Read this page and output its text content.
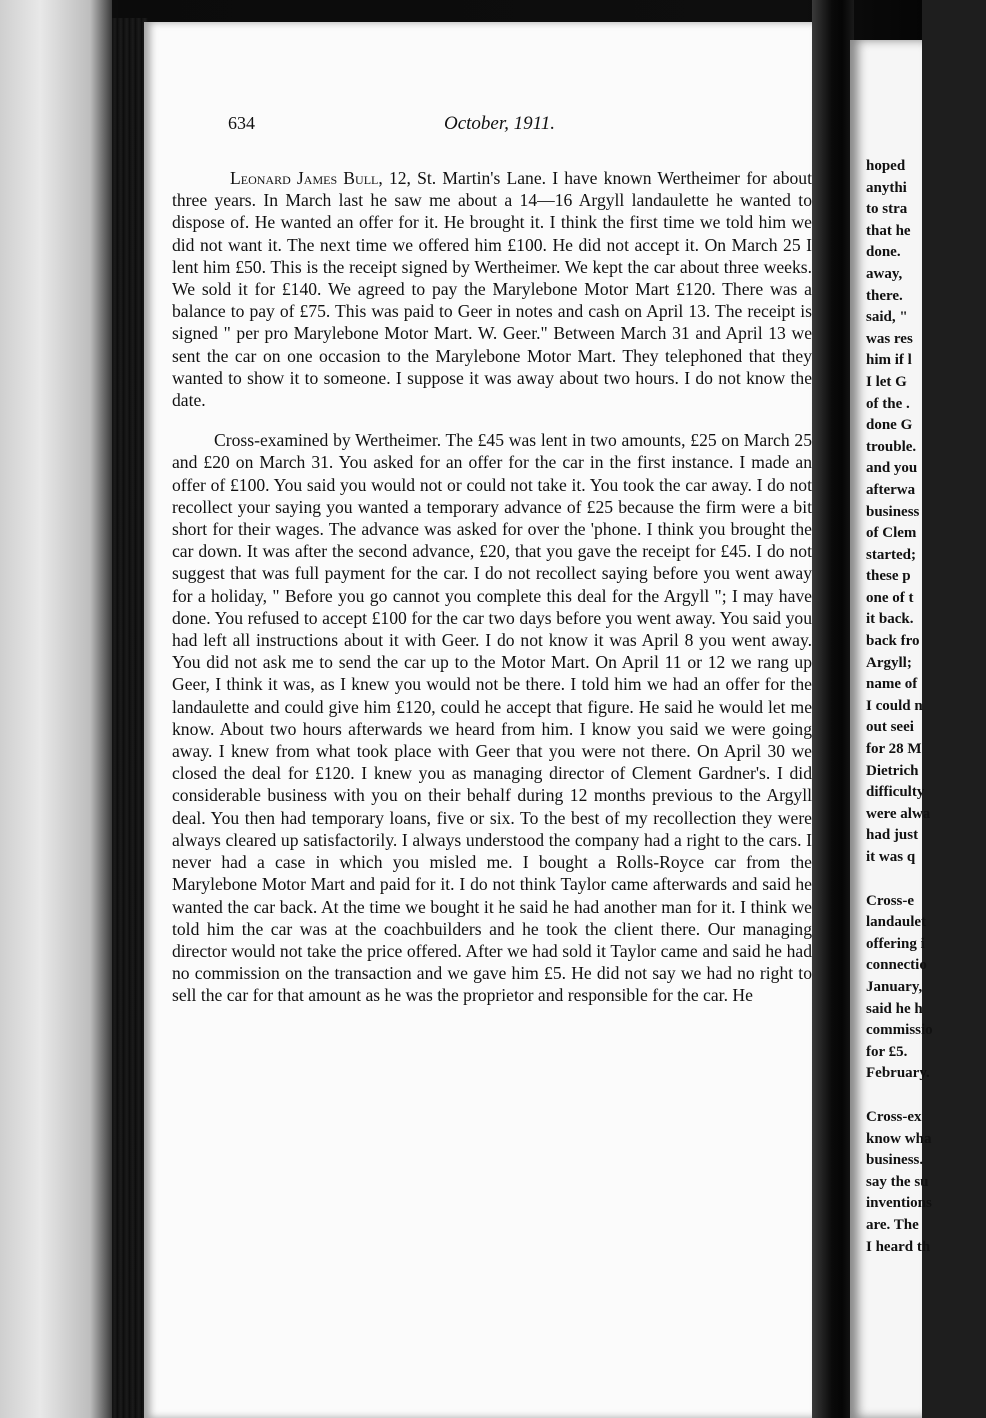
634	October, 1911.

Leonard James Bull, 12, St. Martin's Lane. I have known Wertheimer for about three years. In March last he saw me about a 14—16 Argyll landaulette he wanted to dispose of. He wanted an offer for it. He brought it. I think the first time we told him we did not want it. The next time we offered him £100. He did not accept it. On March 25 I lent him £50. This is the receipt signed by Wertheimer. We kept the car about three weeks. We sold it for £140. We agreed to pay the Marylebone Motor Mart £120. There was a balance to pay of £75. This was paid to Geer in notes and cash on April 13. The receipt is signed " per pro Marylebone Motor Mart. W. Geer." Between March 31 and April 13 we sent the car on one occasion to the Marylebone Motor Mart. They telephoned that they wanted to show it to someone. I suppose it was away about two hours. I do not know the date.

Cross-examined by Wertheimer. The £45 was lent in two amounts, £25 on March 25 and £20 on March 31. You asked for an offer for the car in the first instance. I made an offer of £100. You said you would not or could not take it. You took the car away. I do not recollect your saying you wanted a temporary advance of £25 because the firm were a bit short for their wages. The advance was asked for over the 'phone. I think you brought the car down. It was after the second advance, £20, that you gave the receipt for £45. I do not suggest that was full payment for the car. I do not recollect saying before you went away for a holiday, " Before you go cannot you complete this deal for the Argyll "; I may have done. You refused to accept £100 for the car two days before you went away. You said you had left all instructions about it with Geer. I do not know it was April 8 you went away. You did not ask me to send the car up to the Motor Mart. On April 11 or 12 we rang up Geer, I think it was, as I knew you would not be there. I told him we had an offer for the landaulette and could give him £120, could he accept that figure. He said he would let me know. About two hours afterwards we heard from him. I know you said we were going away. I knew from what took place with Geer that you were not there. On April 30 we closed the deal for £120. I knew you as managing director of Clement Gardner's. I did considerable business with you on their behalf during 12 months previous to the Argyll deal. You then had temporary loans, five or six. To the best of my recollection they were always cleared up satisfactorily. I always understood the company had a right to the cars. I never had a case in which you misled me. I bought a Rolls-Royce car from the Marylebone Motor Mart and paid for it. I do not think Taylor came afterwards and said he wanted the car back. At the time we bought it he said he had another man for it. I think we told him the car was at the coachbuilders and he took the client there. Our managing director would not take the price offered. After we had sold it Taylor came and said he had no commission on the transaction and we gave him £5. He did not say we had no right to sell the car for that amount as he was the proprietor and responsible for the car. He

hoped
anythi
to stra
that he
done.
away,
there.
said, "
was res
him if l
I let G
of the .
done G
trouble.
and you
afterwa
business
of Clem
started;
these p
one of t
it back.
back fro
Argyll;
name of
I could n
out seei
for 28 M
Dietrich
difficulty
were alwa
had just
it was q
Cross-e
landaulet
offering i
connectio
January,
said he h
commissio
for £5.
February.
Cross-ex
know wha
business.
say the su
inventions
are. The
I heard th
